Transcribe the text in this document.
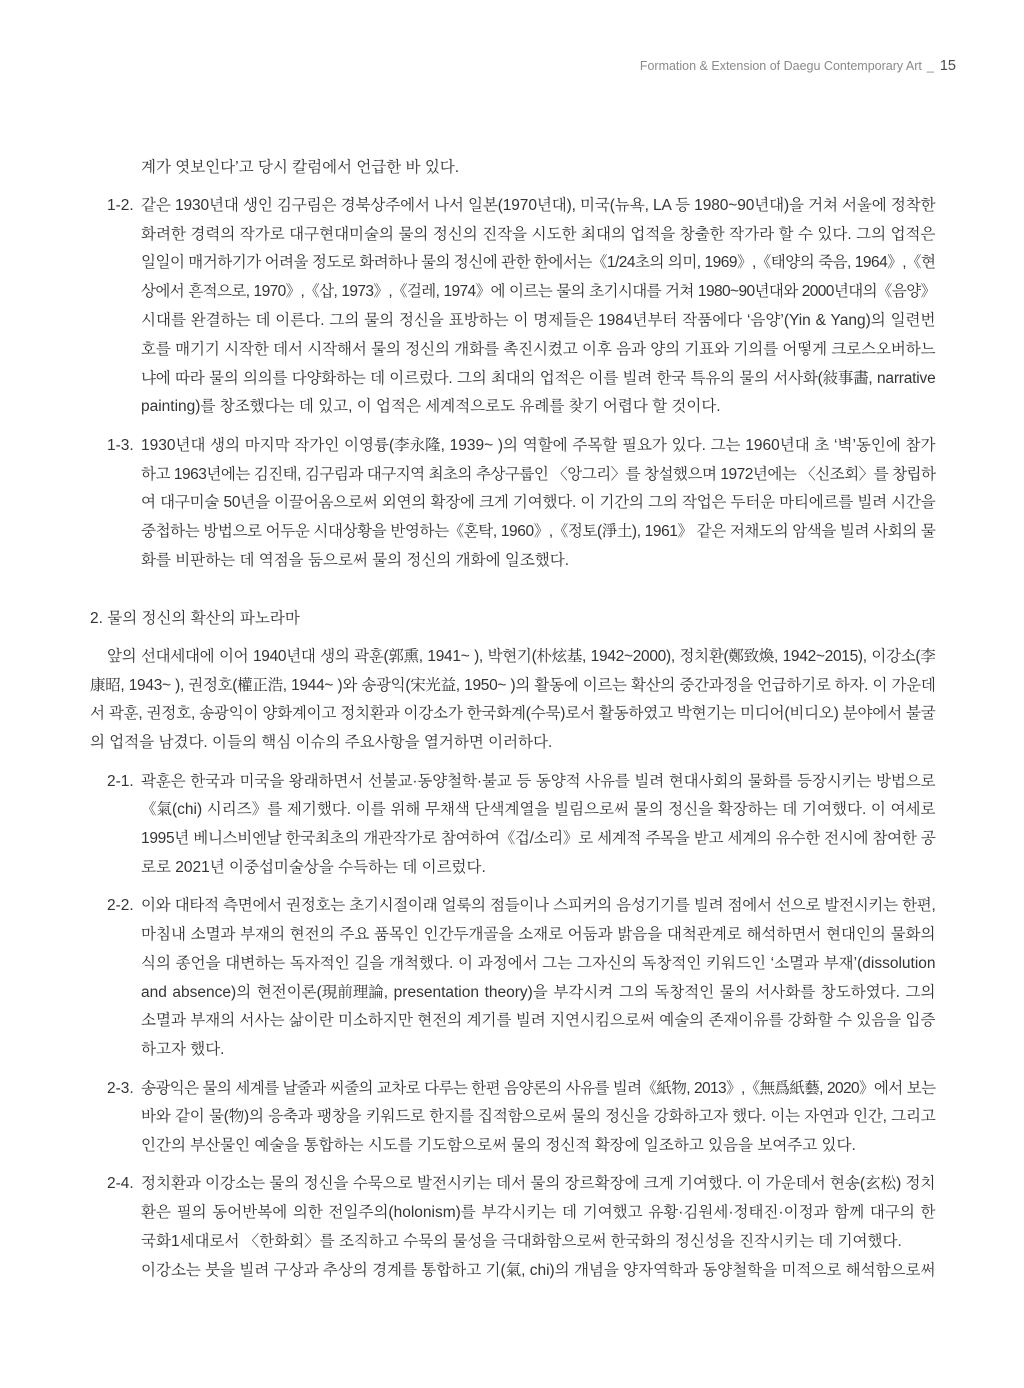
Formation & Extension of Daegu Contemporary Art _ 15
계가 엿보인다’고 당시 칼럼에서 언급한 바 있다.
1-2. 같은 1930년대 생인 김구림은 경북상주에서 나서 일본(1970년대), 미국(뉴욕, LA 등 1980~90년대)을 거쳐 서울에 정착한
화려한 경력의 작가로 대구현대미술의 물의 정신의 진작을 시도한 최대의 업적을 창출한 작가라 할 수 있다. 그의 업적은
일일이 매거하기가 어려울 정도로 화려하나 물의 정신에 관한 한에서는《1/24초의 의미, 1969》,《태양의 죽음, 1964》,《현
상에서 흔적으로, 1970》,《삽, 1973》,《걸레, 1974》에 이르는 물의 초기시대를 거쳐 1980~90년대와 2000년대의《음양》
시대를 완결하는 데 이른다. 그의 물의 정신을 표방하는 이 명제들은 1984년부터 작품에다 ‘음양’(Yin & Yang)의 일련번
호를 매기기 시작한 데서 시작해서 물의 정신의 개화를 촉진시켰고 이후 음과 양의 기표와 기의를 어떻게 크로스오버하느
냐에 따라 물의 의의를 다양화하는 데 이르렀다. 그의 최대의 업적은 이를 빌려 한국 특유의 물의 서사화(敍事畵, narrative
painting)를 창조했다는 데 있고, 이 업적은 세계적으로도 유례를 찾기 어렵다 할 것이다.
1-3. 1930년대 생의 마지막 작가인 이영륭(李永隆, 1939~ )의 역할에 주목할 필요가 있다. 그는 1960년대 초 ‘벽’동인에 참가
하고 1963년에는 김진태, 김구림과 대구지역 최초의 추상구룹인 〈앙그리〉를 창설했으며 1972년에는 〈신조회〉를 창립하
여 대구미술 50년을 이끌어옴으로써 외연의 확장에 크게 기여했다. 이 기간의 그의 작업은 두터운 마티에르를 빌려 시간을
중첩하는 방법으로 어두운 시대상황을 반영하는《혼탁, 1960》,《정토(淨土), 1961》 같은 저채도의 암색을 빌려 사회의 물
화를 비판하는 데 역점을 둠으로써 물의 정신의 개화에 일조했다.
2. 물의 정신의 확산의 파노라마
앞의 선대세대에 이어 1940년대 생의 곽훈(郭熏, 1941~ ), 박현기(朴炫基, 1942~2000), 정치환(鄭致煥, 1942~2015), 이강소(李
康昭, 1943~ ), 권정호(權正浩, 1944~ )와 송광익(宋光益, 1950~ )의 활동에 이르는 확산의 중간과정을 언급하기로 하자. 이 가운데
서 곽훈, 권정호, 송광익이 양화계이고 정치환과 이강소가 한국화계(수묵)로서 활동하였고 박현기는 미디어(비디오) 분야에서 불굴
의 업적을 남겼다. 이들의 핵심 이슈의 주요사항을 열거하면 이러하다.
2-1. 곽훈은 한국과 미국을 왕래하면서 선불교·동양철학·불교 등 동양적 사유를 빌려 현대사회의 물화를 등장시키는 방법으로
《氣(chi) 시리즈》를 제기했다. 이를 위해 무채색 단색계열을 빌림으로써 물의 정신을 확장하는 데 기여했다. 이 여세로
1995년 베니스비엔날 한국최초의 개관작가로 참여하여《겁/소리》로 세계적 주목을 받고 세계의 유수한 전시에 참여한 공
로로 2021년 이중섭미술상을 수득하는 데 이르렀다.
2-2. 이와 대타적 측면에서 권정호는 초기시절이래 얼룩의 점들이나 스피커의 음성기기를 빌려 점에서 선으로 발전시키는 한편,
마침내 소멸과 부재의 현전의 주요 품목인 인간두개골을 소재로 어둠과 밝음을 대척관계로 해석하면서 현대인의 물화의
식의 종언을 대변하는 독자적인 길을 개척했다. 이 과정에서 그는 그자신의 독창적인 키워드인 ‘소멸과 부재’(dissolution
and absence)의 현전이론(現前理論, presentation theory)을 부각시켜 그의 독창적인 물의 서사화를 창도하였다. 그의
소멸과 부재의 서사는 삶이란 미소하지만 현전의 계기를 빌려 지연시킴으로써 예술의 존재이유를 강화할 수 있음을 입증
하고자 했다.
2-3. 송광익은 물의 세계를 날줄과 씨줄의 교차로 다루는 한편 음양론의 사유를 빌려《紙物, 2013》,《無爲紙藝, 2020》에서 보는
바와 같이 물(物)의 응축과 팽창을 키워드로 한지를 집적함으로써 물의 정신을 강화하고자 했다. 이는 자연과 인간, 그리고
인간의 부산물인 예술을 통합하는 시도를 기도함으로써 물의 정신적 확장에 일조하고 있음을 보여주고 있다.
2-4. 정치환과 이강소는 물의 정신을 수묵으로 발전시키는 데서 물의 장르확장에 크게 기여했다. 이 가운데서 현송(玄松) 정치
환은 필의 동어반복에 의한 전일주의(holonism)를 부각시키는 데 기여했고 유황·김원세·정태진·이정과 함께 대구의 한
국화1세대로서 〈한화회〉를 조직하고 수묵의 물성을 극대화함으로써 한국화의 정신성을 진작시키는 데 기여했다.
이강소는 붓을 빌려 구상과 추상의 경계를 통합하고 기(氣, chi)의 개념을 양자역학과 동양철학을 미적으로 해석함으로써
